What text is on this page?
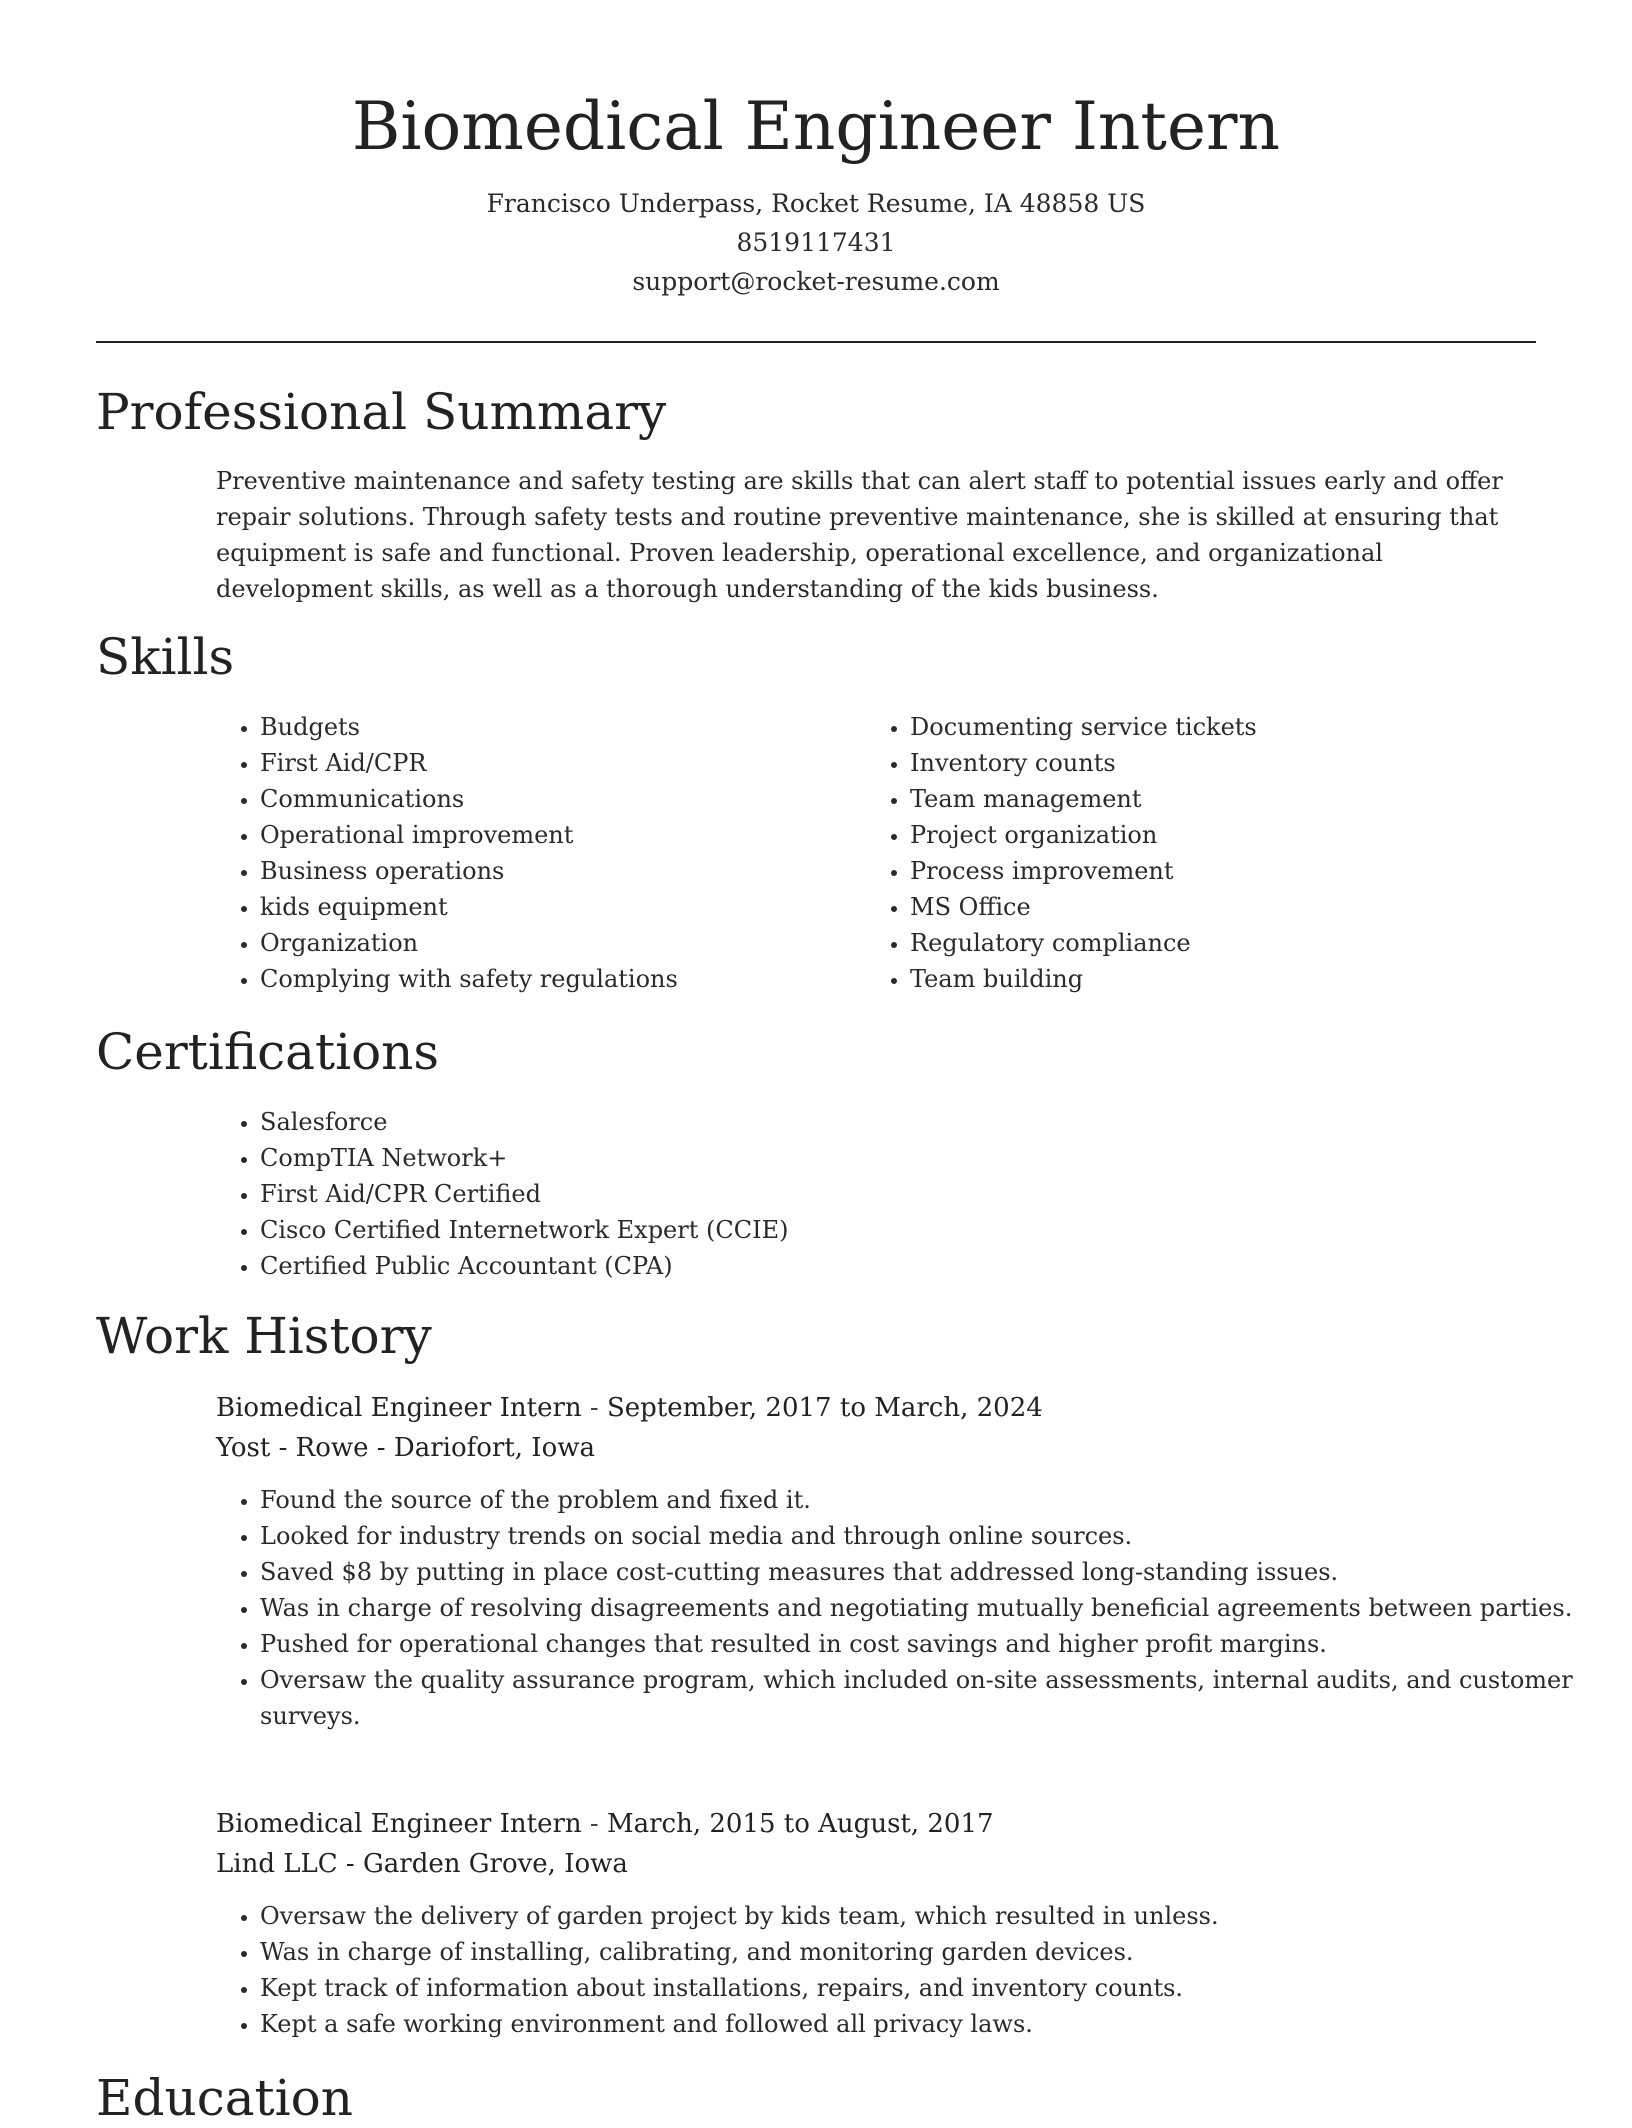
Biomedical Engineer Intern
Francisco Underpass, Rocket Resume, IA 48858 US
8519117431
support@rocket-resume.com
Professional Summary
Preventive maintenance and safety testing are skills that can alert staff to potential issues early and offer repair solutions. Through safety tests and routine preventive maintenance, she is skilled at ensuring that equipment is safe and functional. Proven leadership, operational excellence, and organizational development skills, as well as a thorough understanding of the kids business.
Skills
• Budgets
• First Aid/CPR
• Communications
• Operational improvement
• Business operations
• kids equipment
• Organization
• Complying with safety regulations
• Documenting service tickets
• Inventory counts
• Team management
• Project organization
• Process improvement
• MS Office
• Regulatory compliance
• Team building
Certifications
• Salesforce
• CompTIA Network+
• First Aid/CPR Certified
• Cisco Certified Internetwork Expert (CCIE)
• Certified Public Accountant (CPA)
Work History
Biomedical Engineer Intern - September, 2017 to March, 2024
Yost - Rowe - Dariofort, Iowa
• Found the source of the problem and fixed it.
• Looked for industry trends on social media and through online sources.
• Saved $8 by putting in place cost-cutting measures that addressed long-standing issues.
• Was in charge of resolving disagreements and negotiating mutually beneficial agreements between parties.
• Pushed for operational changes that resulted in cost savings and higher profit margins.
• Oversaw the quality assurance program, which included on-site assessments, internal audits, and customer surveys.
Biomedical Engineer Intern - March, 2015 to August, 2017
Lind LLC - Garden Grove, Iowa
• Oversaw the delivery of garden project by kids team, which resulted in unless.
• Was in charge of installing, calibrating, and monitoring garden devices.
• Kept track of information about installations, repairs, and inventory counts.
• Kept a safe working environment and followed all privacy laws.
Education
